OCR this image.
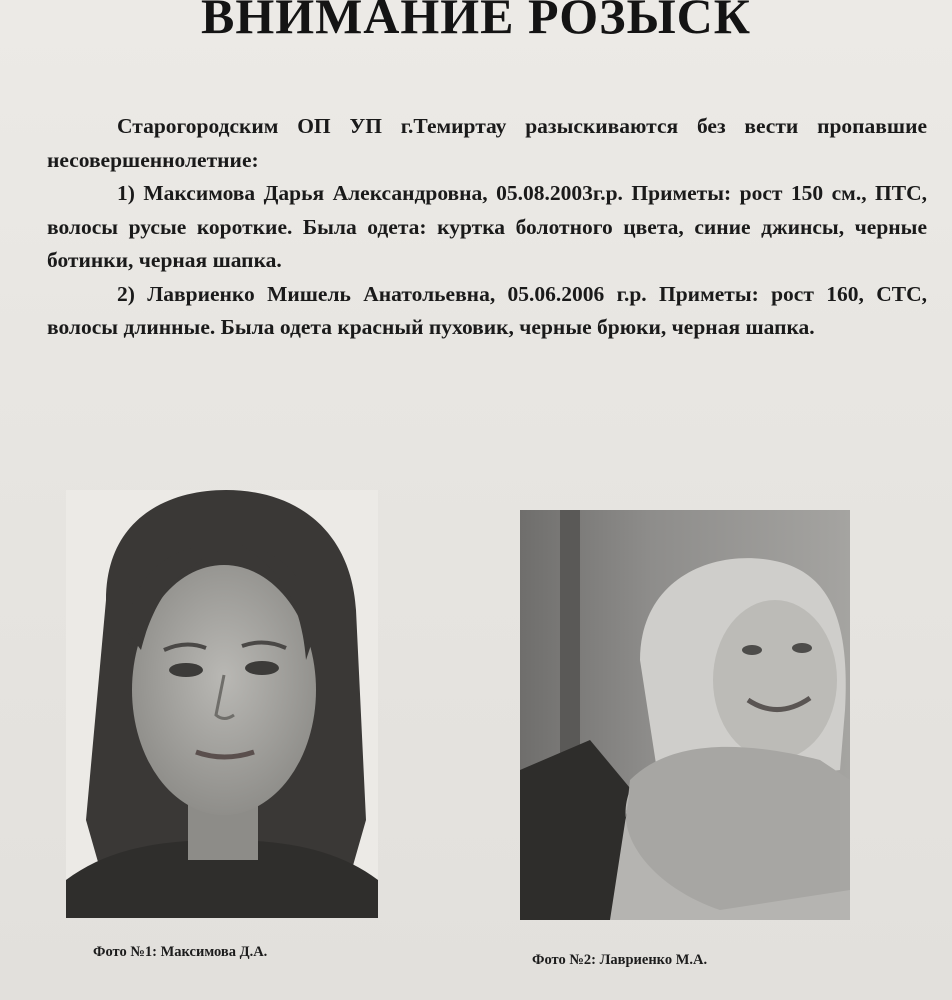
ВНИМАНИЕ РОЗЫСК

Старогородским ОП УП г.Темиртау разыскиваются без вести пропавшие несовершеннолетние:

1) Максимова Дарья Александровна, 05.08.2003г.р. Приметы: рост 150 см., ПТС, волосы русые короткие. Была одета: куртка болотного цвета, синие джинсы, черные ботинки, черная шапка.

2) Лавриенко Мишель Анатольевна, 05.06.2006 г.р. Приметы: рост 160, СТС, волосы длинные. Была одета красный пуховик, черные брюки, черная шапка.

Фото №1: Максимова Д.А.	Фото №2: Лавриенко М.А.
